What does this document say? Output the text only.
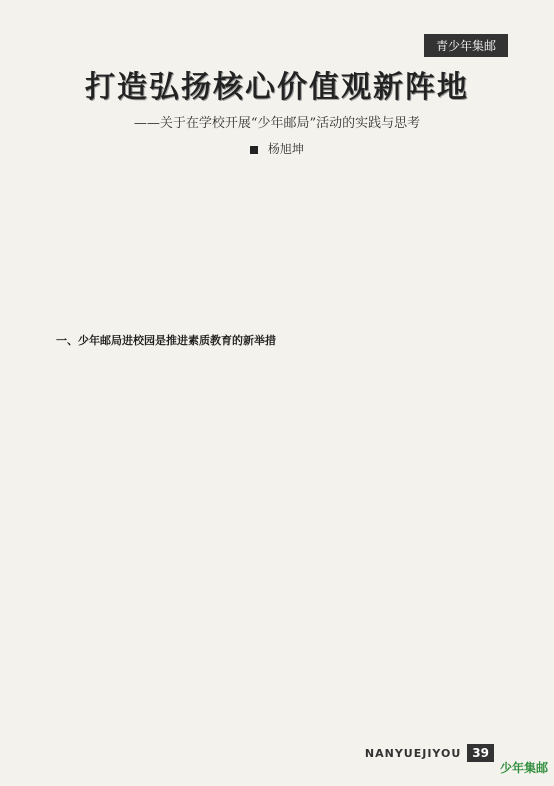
青少年集邮
打造弘扬核心价值观新阵地
——关于在学校开展“少年邮局”活动的实践与思考
杨旭坤
一、少年邮局进校园是推进素质教育的新举措
NANYUEJIYOU 39
少年集邮
